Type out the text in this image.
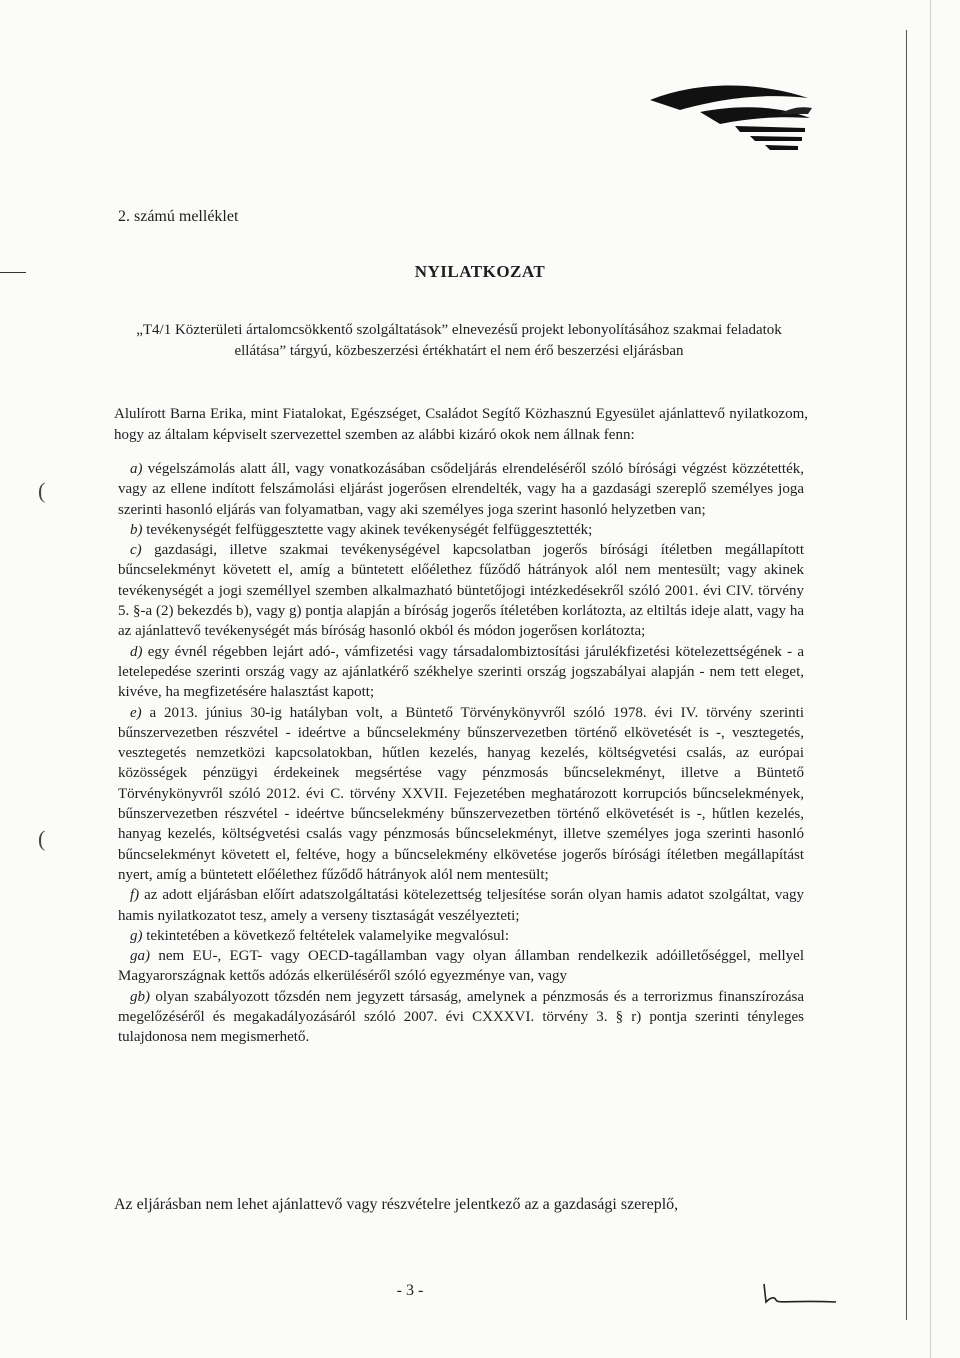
(
(
2. számú melléklet
NYILATKOZAT
„T4/1 Közterületi ártalomcsökkentő szolgáltatások” elnevezésű projekt lebonyolításához szakmai feladatok ellátása” tárgyú, közbeszerzési értékhatárt el nem érő beszerzési eljárásban
Alulírott Barna Erika, mint Fiatalokat, Egészséget, Családot Segítő Közhasznú Egyesület ajánlattevő nyilatkozom, hogy az általam képviselt szervezettel szemben az alábbi kizáró okok nem állnak fenn:

a) végelszámolás alatt áll, vagy vonatkozásában csődeljárás elrendeléséről szóló bírósági végzést közzétették, vagy az ellene indított felszámolási eljárást jogerősen elrendelték, vagy ha a gazdasági szereplő személyes joga szerinti hasonló eljárás van folyamatban, vagy aki személyes joga szerint hasonló helyzetben van;

b) tevékenységét felfüggesztette vagy akinek tevékenységét felfüggesztették;

c) gazdasági, illetve szakmai tevékenységével kapcsolatban jogerős bírósági ítéletben megállapított bűncselekményt követett el, amíg a büntetett előélethez fűződő hátrányok alól nem mentesült; vagy akinek tevékenységét a jogi személlyel szemben alkalmazható büntetőjogi intézkedésekről szóló 2001. évi CIV. törvény 5. §-a (2) bekezdés b), vagy g) pontja alapján a bíróság jogerős ítéletében korlátozta, az eltiltás ideje alatt, vagy ha az ajánlattevő tevékenységét más bíróság hasonló okból és módon jogerősen korlátozta;

d) egy évnél régebben lejárt adó-, vámfizetési vagy társadalombiztosítási járulékfizetési kötelezettségének - a letelepedése szerinti ország vagy az ajánlatkérő székhelye szerinti ország jogszabályai alapján - nem tett eleget, kivéve, ha megfizetésére halasztást kapott;

e) a 2013. június 30-ig hatályban volt, a Büntető Törvénykönyvről szóló 1978. évi IV. törvény szerinti bűnszervezetben részvétel - ideértve a bűncselekmény bűnszervezetben történő elkövetését is -, vesztegetés, vesztegetés nemzetközi kapcsolatokban, hűtlen kezelés, hanyag kezelés, költségvetési csalás, az európai közösségek pénzügyi érdekeinek megsértése vagy pénzmosás bűncselekményt, illetve a Büntető Törvénykönyvről szóló 2012. évi C. törvény XXVII. Fejezetében meghatározott korrupciós bűncselekmények, bűnszervezetben részvétel - ideértve bűncselekmény bűnszervezetben történő elkövetését is -, hűtlen kezelés, hanyag kezelés, költségvetési csalás vagy pénzmosás bűncselekményt, illetve személyes joga szerinti hasonló bűncselekményt követett el, feltéve, hogy a bűncselekmény elkövetése jogerős bírósági ítéletben megállapítást nyert, amíg a büntetett előélethez fűződő hátrányok alól nem mentesült;

f) az adott eljárásban előírt adatszolgáltatási kötelezettség teljesítése során olyan hamis adatot szolgáltat, vagy hamis nyilatkozatot tesz, amely a verseny tisztaságát veszélyezteti;

g) tekintetében a következő feltételek valamelyike megvalósul:

ga) nem EU-, EGT- vagy OECD-tagállamban vagy olyan államban rendelkezik adóilletőséggel, mellyel Magyarországnak kettős adózás elkerüléséről szóló egyezménye van, vagy

gb) olyan szabályozott tőzsdén nem jegyzett társaság, amelynek a pénzmosás és a terrorizmus finanszírozása megelőzéséről és megakadályozásáról szóló 2007. évi CXXXVI. törvény 3. § r) pontja szerinti tényleges tulajdonosa nem megismerhető.

Az eljárásban nem lehet ajánlattevő vagy részvételre jelentkező az a gazdasági szereplő,
- 3 -
